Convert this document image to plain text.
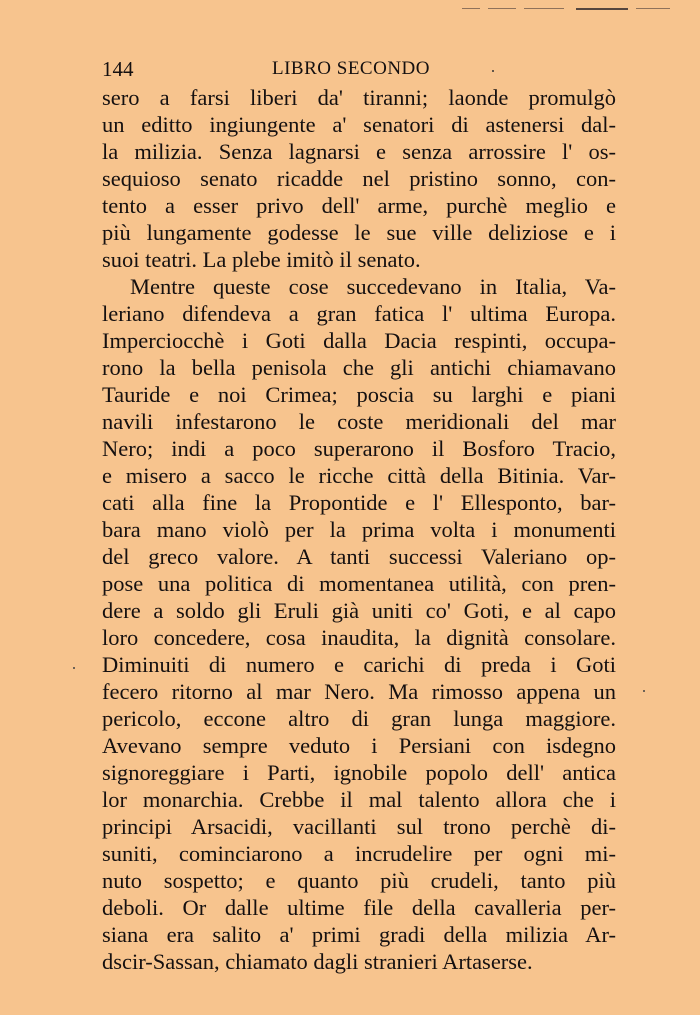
144	LIBRO SECONDO
sero a farsi liberi da' tiranni; laonde promulgò
un editto ingiungente a' senatori di astenersi dal-
la milizia. Senza lagnarsi e senza arrossire l' os-
sequioso senato ricadde nel pristino sonno, con-
tento a esser privo dell' arme, purchè meglio e
più lungamente godesse le sue ville deliziose e i
suoi teatri. La plebe imitò il senato.
Mentre queste cose succedevano in Italia, Va-
leriano difendeva a gran fatica l' ultima Europa.
Imperciocchè i Goti dalla Dacia respinti, occupa-
rono la bella penisola che gli antichi chiamavano
Tauride e noi Crimea; poscia su larghi e piani
navili infestarono le coste meridionali del mar
Nero; indi a poco superarono il Bosforo Tracio,
e misero a sacco le ricche città della Bitinia. Var-
cati alla fine la Propontide e l' Ellesponto, bar-
bara mano violò per la prima volta i monumenti
del greco valore. A tanti successi Valeriano op-
pose una politica di momentanea utilità, con pren-
dere a soldo gli Eruli già uniti co' Goti, e al capo
loro concedere, cosa inaudita, la dignità consolare.
Diminuiti di numero e carichi di preda i Goti
fecero ritorno al mar Nero. Ma rimosso appena un
pericolo, eccone altro di gran lunga maggiore.
Avevano sempre veduto i Persiani con isdegno
signoreggiare i Parti, ignobile popolo dell' antica
lor monarchia. Crebbe il mal talento allora che i
principi Arsacidi, vacillanti sul trono perchè di-
suniti, cominciarono a incrudelire per ogni mi-
nuto sospetto; e quanto più crudeli, tanto più
deboli. Or dalle ultime file della cavalleria per-
siana era salito a' primi gradi della milizia Ar-
dscir-Sassan, chiamato dagli stranieri Artaserse.
